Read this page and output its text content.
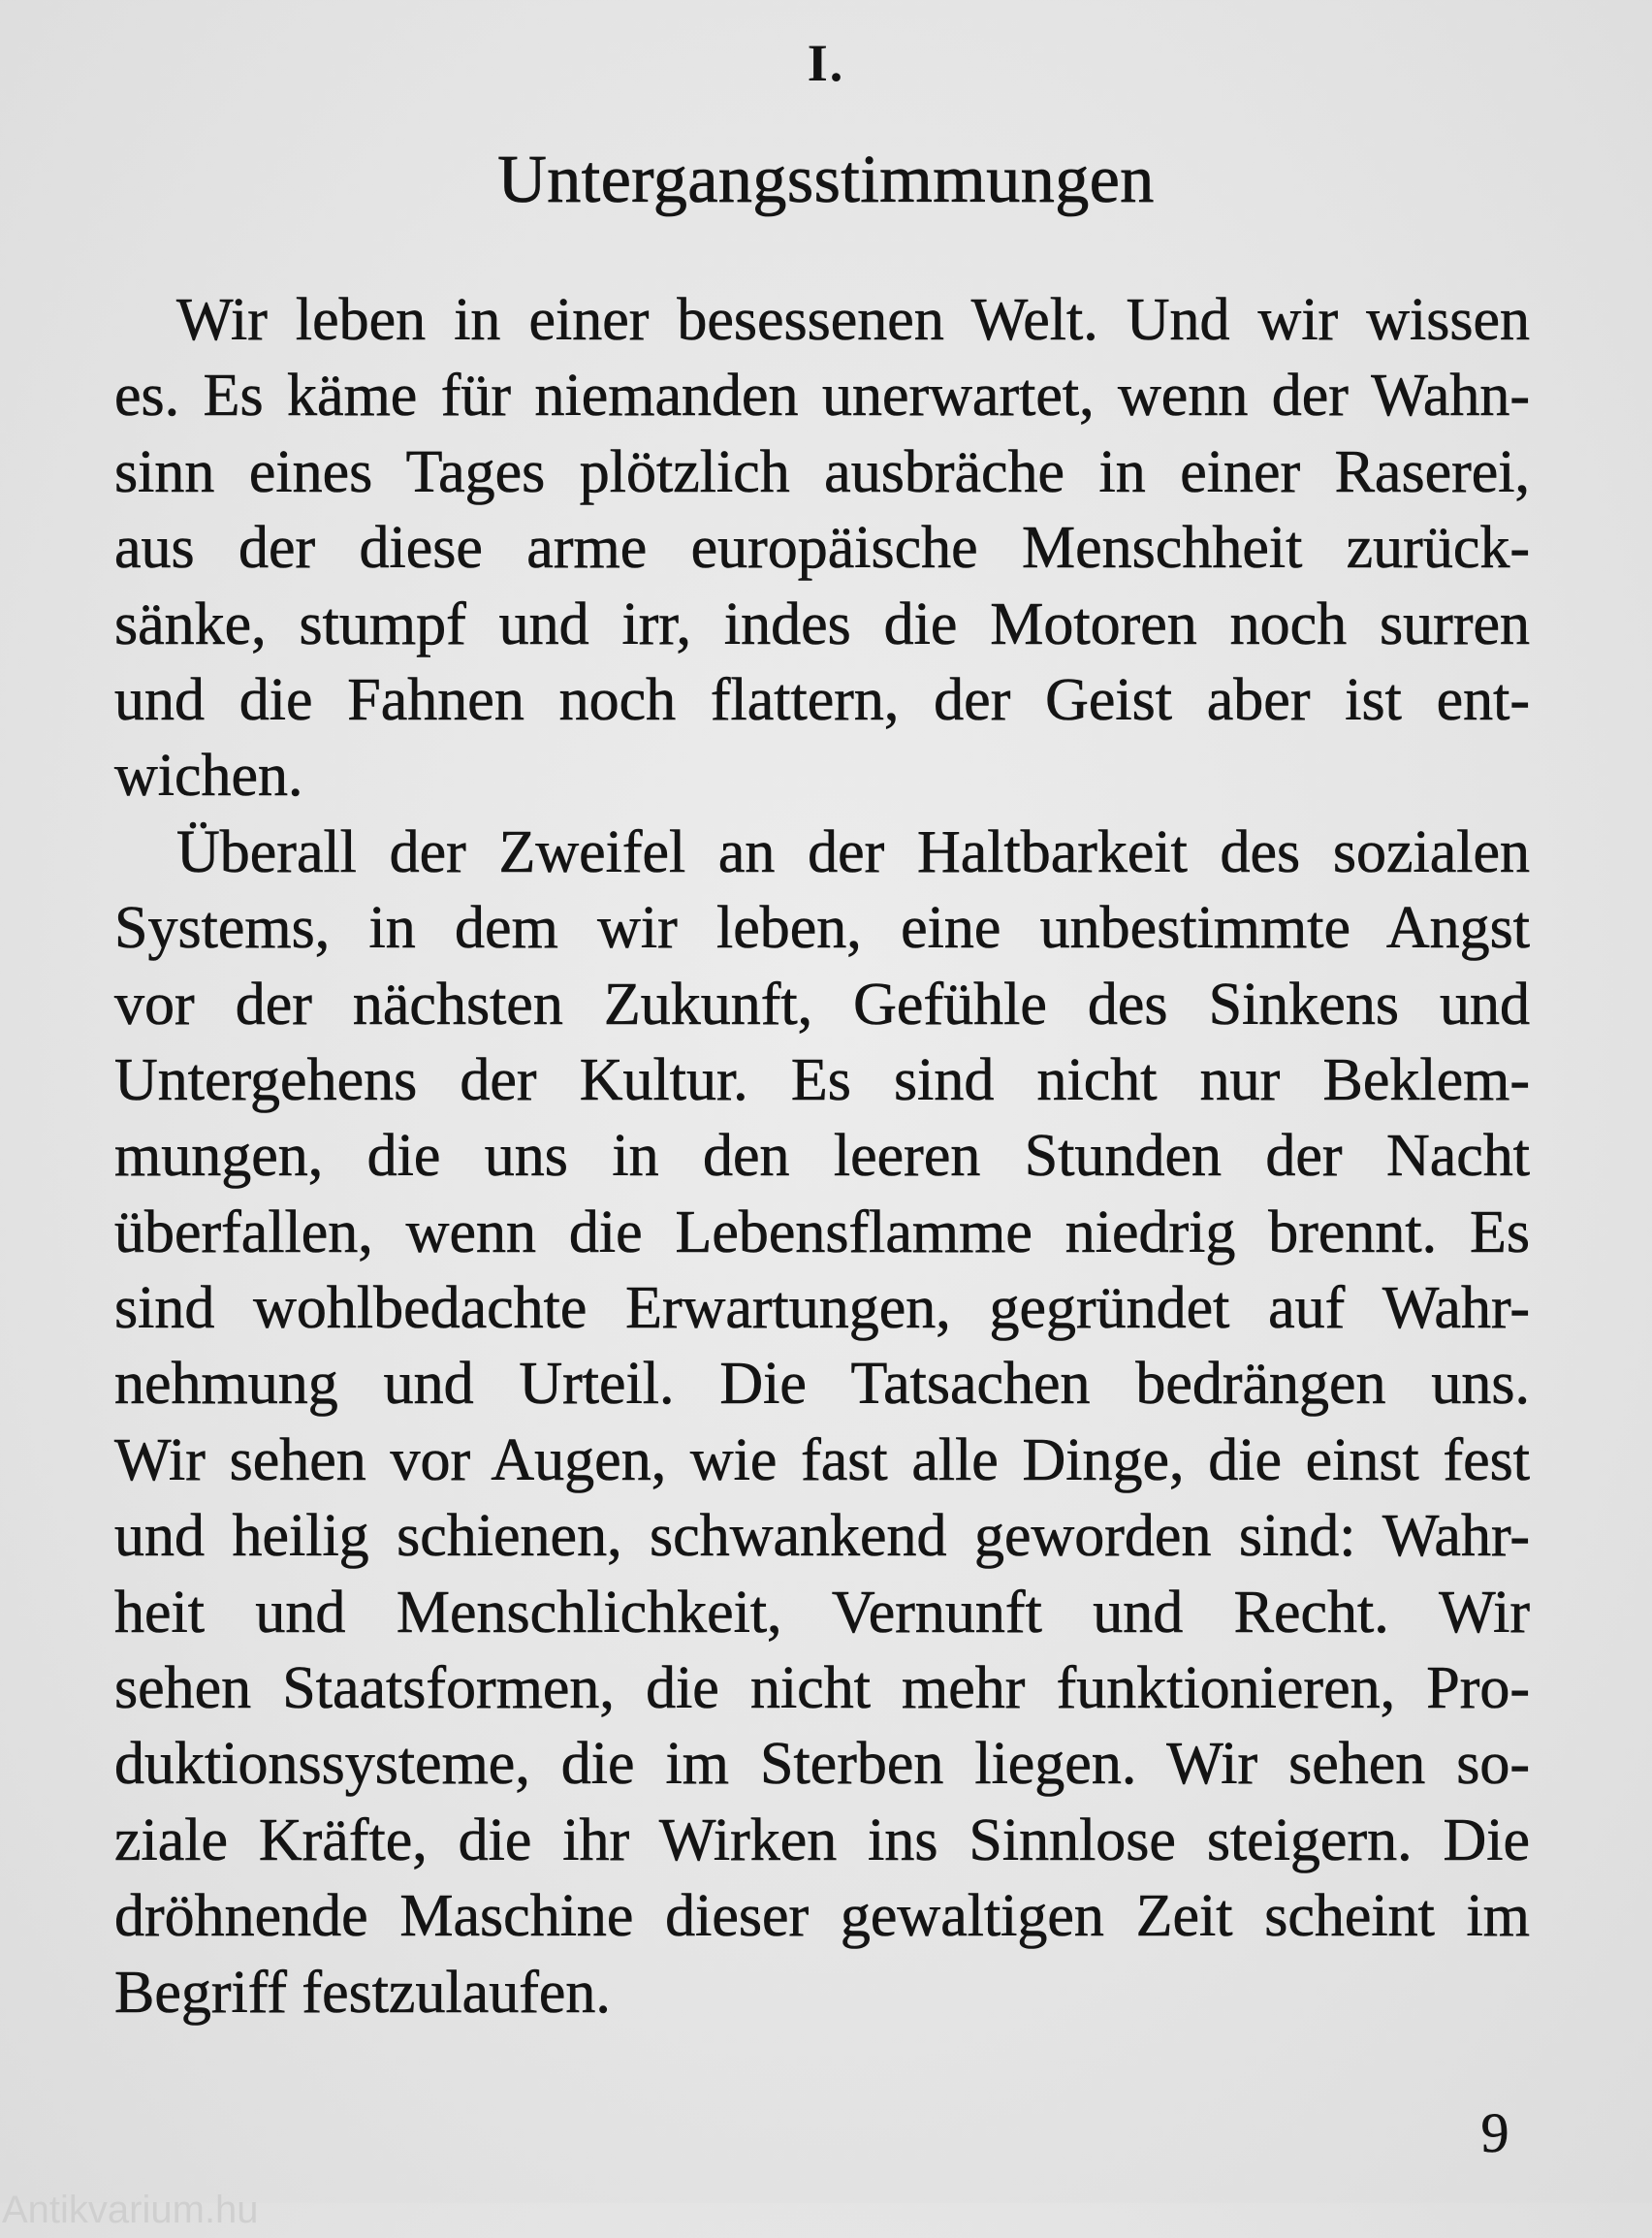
I.
Untergangsstimmungen
Wir leben in einer besessenen Welt. Und wir wissen
es. Es käme für niemanden unerwartet, wenn der Wahn-
sinn eines Tages plötzlich ausbräche in einer Raserei,
aus der diese arme europäische Menschheit zurück-
sänke, stumpf und irr, indes die Motoren noch surren
und die Fahnen noch flattern, der Geist aber ist ent-
wichen.
Überall der Zweifel an der Haltbarkeit des sozialen
Systems, in dem wir leben, eine unbestimmte Angst
vor der nächsten Zukunft, Gefühle des Sinkens und
Untergehens der Kultur. Es sind nicht nur Beklem-
mungen, die uns in den leeren Stunden der Nacht
überfallen, wenn die Lebensflamme niedrig brennt. Es
sind wohlbedachte Erwartungen, gegründet auf Wahr-
nehmung und Urteil. Die Tatsachen bedrängen uns.
Wir sehen vor Augen, wie fast alle Dinge, die einst fest
und heilig schienen, schwankend geworden sind: Wahr-
heit und Menschlichkeit, Vernunft und Recht. Wir
sehen Staatsformen, die nicht mehr funktionieren, Pro-
duktionssysteme, die im Sterben liegen. Wir sehen so-
ziale Kräfte, die ihr Wirken ins Sinnlose steigern. Die
dröhnende Maschine dieser gewaltigen Zeit scheint im
Begriff festzulaufen.
9
Antikvarium.hu
